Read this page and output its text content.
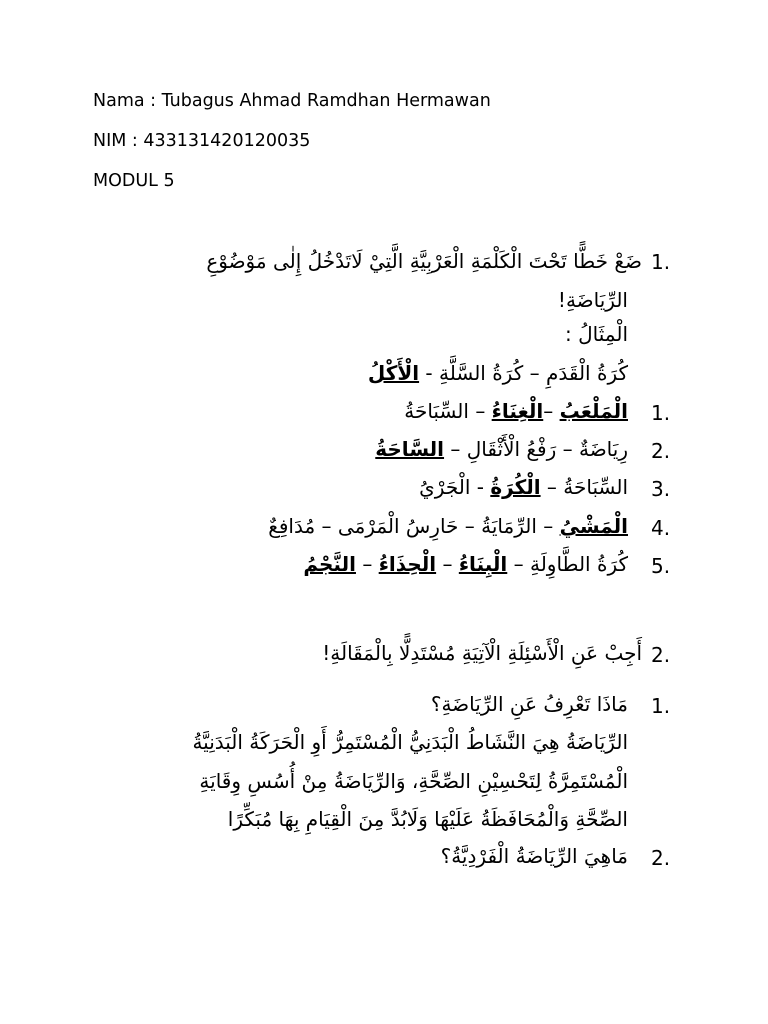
Nama : Tubagus Ahmad Ramdhan Hermawan
NIM : 433131420120035
MODUL 5
1.
ضَعْ خَطًّا تَحْتَ الْكَلْمَةِ الْعَرْبِيَّةِ الَّتِيْ لَاتَدْخُلُ إِلٰى مَوْضُوْعِ
الرِّيَاضَةِ!
الْمِثَالُ :
كُرَةُ الْقَدَمِ – كُرَةُ السَّلَّةِ - الْأَكْلُ
1.
الْمَلْعَبُ –الْغِنَاءُ – السِّبَاحَةُ
2.
رِيَاضَةٌ – رَفْعُ الْأَثْقَالِ – السَّاحَةُ
3.
السِّبَاحَةُ – الْكُرَةُ - الْجَرْيُ
4.
الْمَشْيُ – الرِّمَايَةُ – حَارِسُ الْمَرْمَى – مُدَافِعٌ
5.
كُرَةُ الطَّاوِلَةِ – الْبِنَاءُ – الْحِذَاءُ – النَّجْمُ
2.
أَجِبْ عَنِ الْأَسْئِلَةِ الْآتِيَةِ مُسْتَدِلًّا بِالْمَقَالَةِ!
1.
مَاذَا تَعْرِفُ عَنِ الرِّيَاضَةِ؟
الرِّيَاضَةُ هِيَ النَّشَاطُ الْبَدَنِيُّ الْمُسْتَمِرُّ أَوِ الْحَرَكَةُ الْبَدَنِيَّةُ
الْمُسْتَمِرَّةُ لِتَحْسِيْنِ الصِّحَّةِ، وَالرِّيَاضَةُ مِنْ أُسُسِ وِقَايَةِ
الصِّحَّةِ وَالْمُحَافَظَةُ عَلَيْهَا وَلَابُدَّ مِنَ الْقِيَامِ بِهَا مُبَكِّرًا
2.
مَاهِيَ الرِّيَاضَةُ الْفَرْدِيَّةُ؟
